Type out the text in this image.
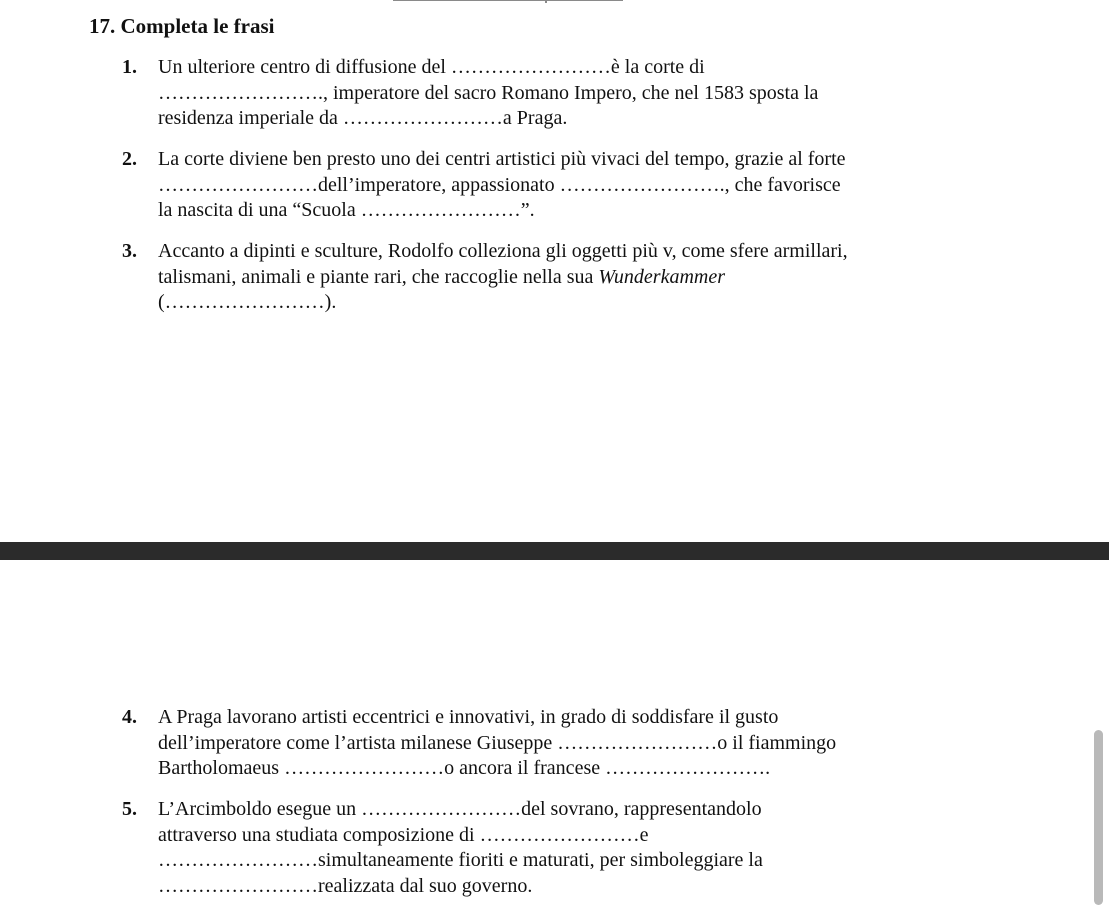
17. Completa le frasi
1. Un ulteriore centro di diffusione del ……………………è la corte di
……………………., imperatore del sacro Romano Impero, che nel 1583 sposta la
residenza imperiale da ……………………a Praga.
2. La corte diviene ben presto uno dei centri artistici più vivaci del tempo, grazie al forte
……………………dell’imperatore, appassionato ……………………., che favorisce
la nascita di una “Scuola ……………………”.
3. Accanto a dipinti e sculture, Rodolfo colleziona gli oggetti più v, come sfere armillari,
talismani, animali e piante rari, che raccoglie nella sua Wunderkammer
(……………………).
4. A Praga lavorano artisti eccentrici e innovativi, in grado di soddisfare il gusto
dell’imperatore come l’artista milanese Giuseppe ……………………o il fiammingo
Bartholomaeus ……………………o ancora il francese …………………….
5. L’Arcimboldo esegue un ……………………del sovrano, rappresentandolo
attraverso una studiata composizione di ……………………e
……………………simultaneamente fioriti e maturati, per simboleggiare la
……………………realizzata dal suo governo.
